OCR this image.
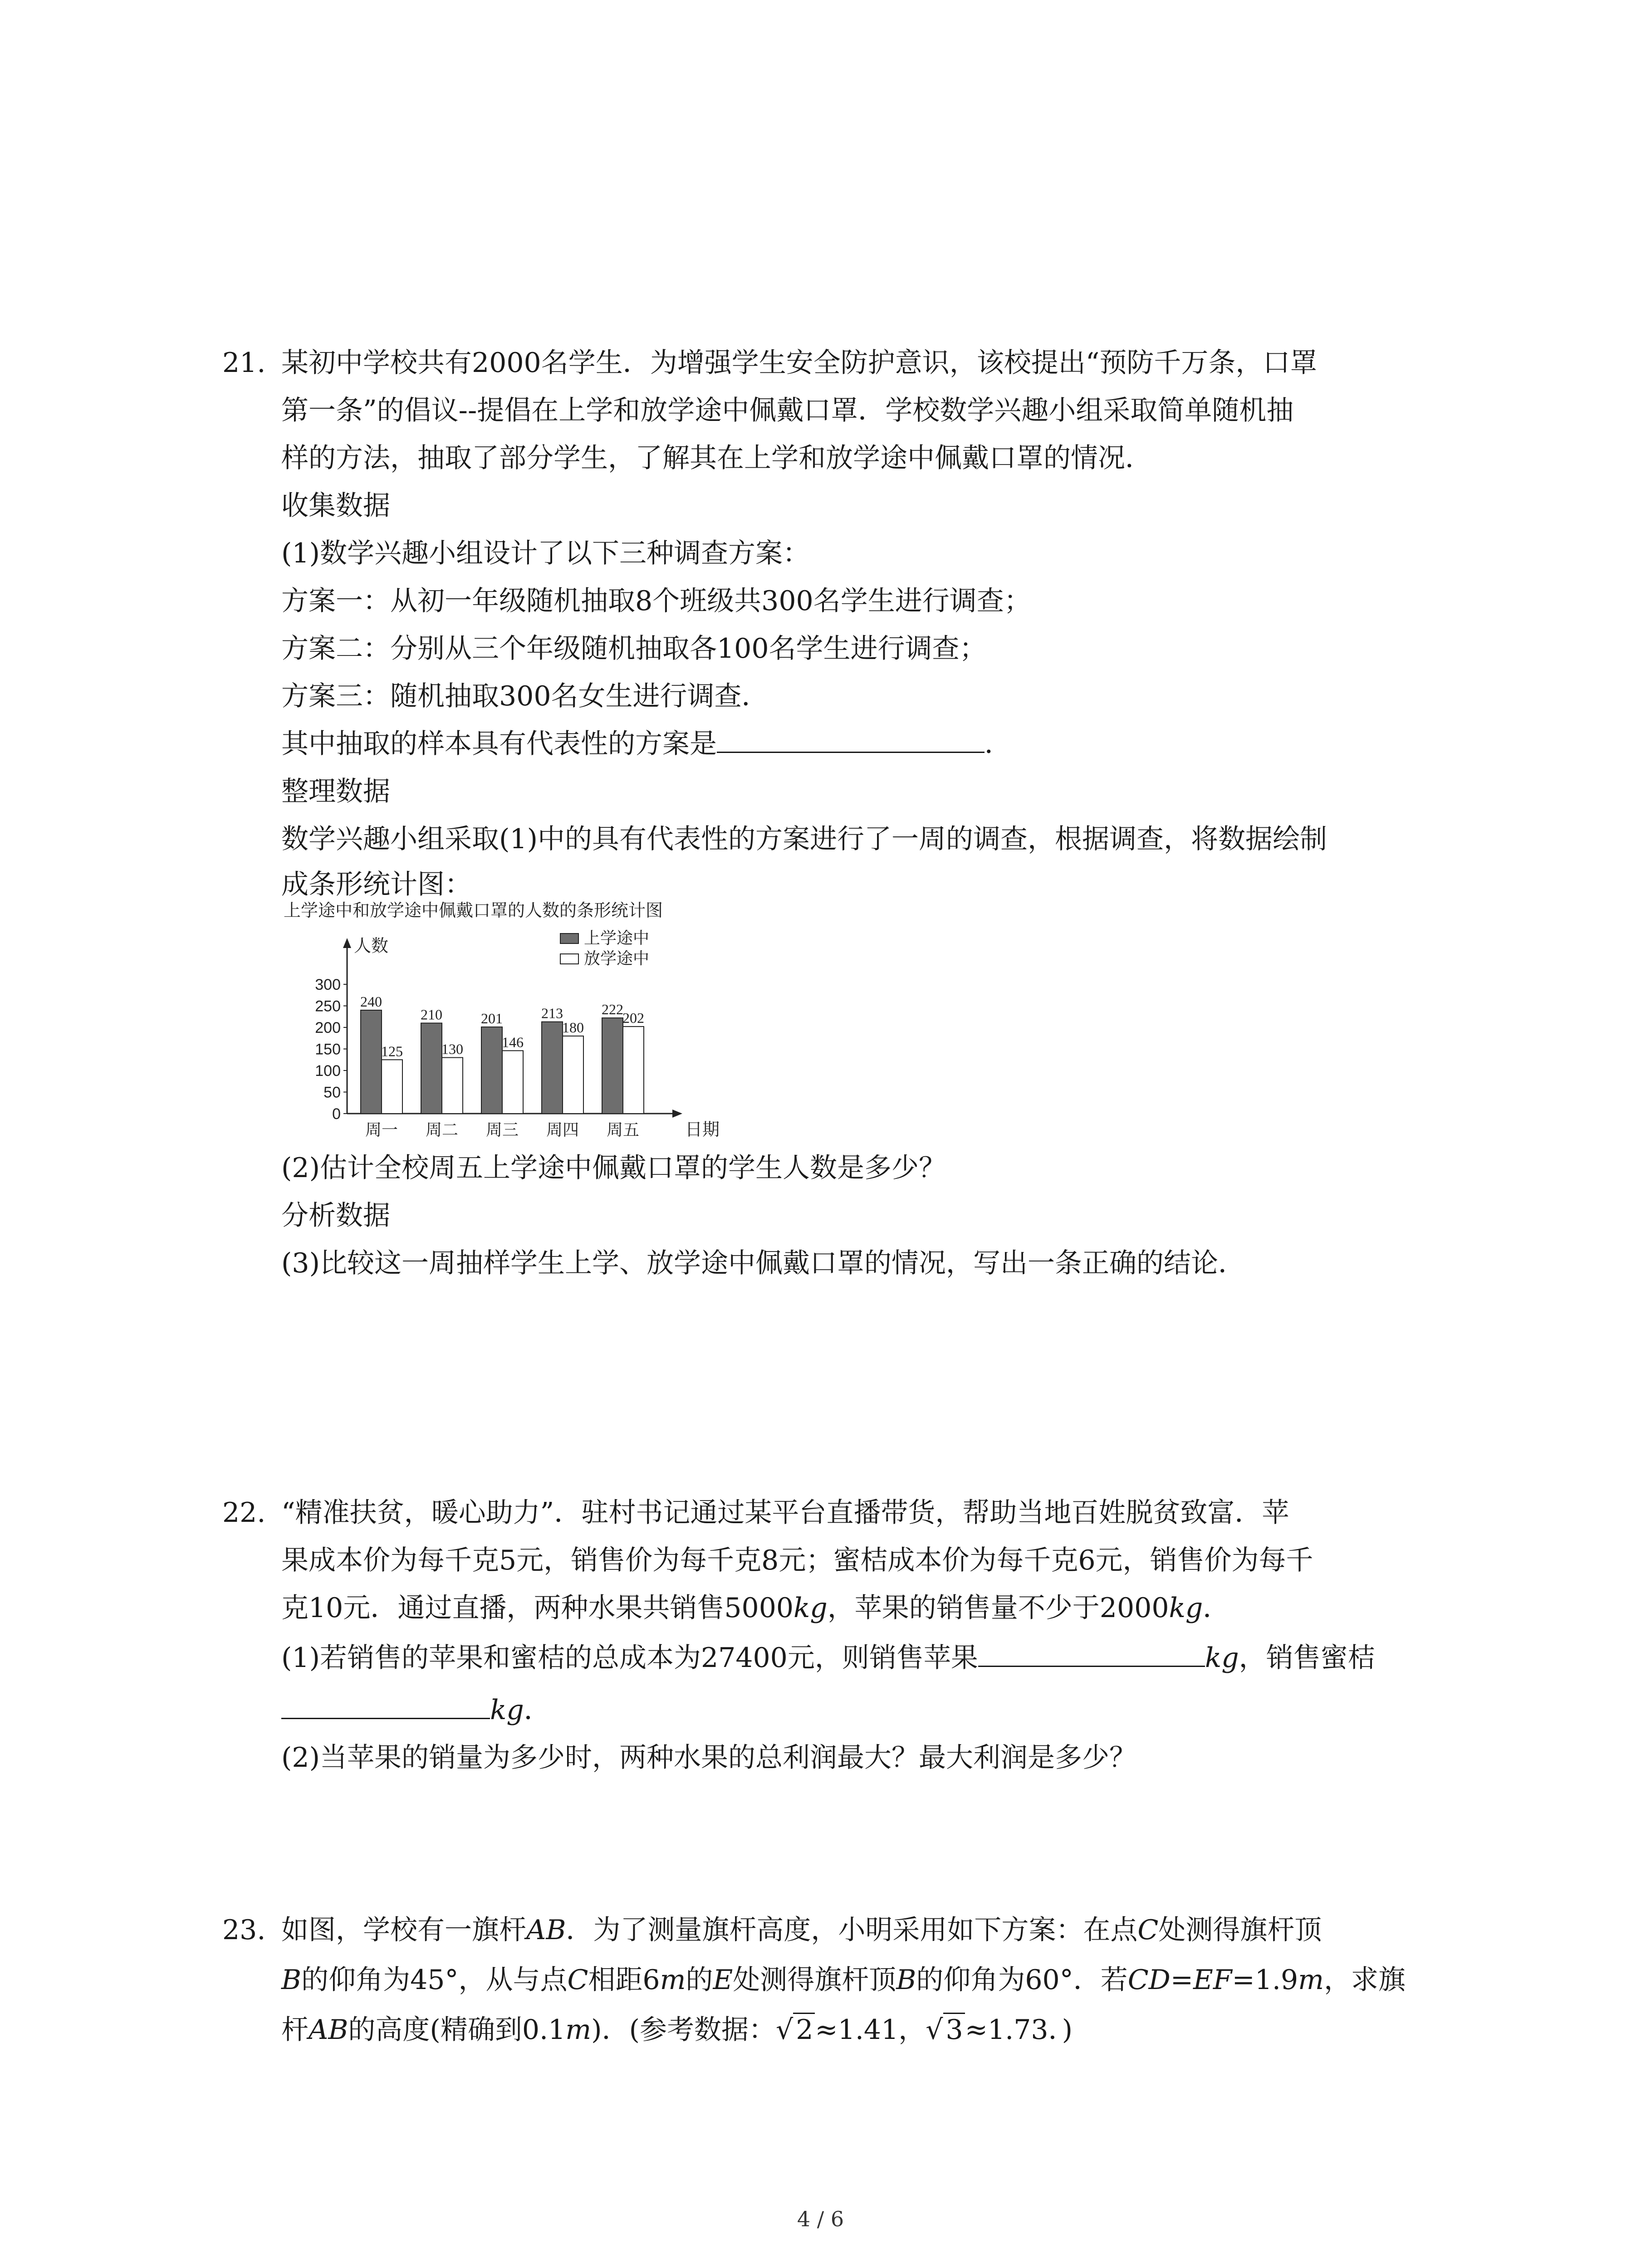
21. 某初中学校共有2000名学生．为增强学生安全防护意识，该校提出“预防千万条，口罩
第一条”的倡议--提倡在上学和放学途中佩戴口罩．学校数学兴趣小组采取简单随机抽
样的方法，抽取了部分学生，了解其在上学和放学途中佩戴口罩的情况．
收集数据
(1)数学兴趣小组设计了以下三种调查方案：
方案一：从初一年级随机抽取8个班级共300名学生进行调查；
方案二：分别从三个年级随机抽取各100名学生进行调查；
方案三：随机抽取300名女生进行调查．
其中抽取的样本具有代表性的方案是	．
整理数据
数学兴趣小组采取(1)中的具有代表性的方案进行了一周的调查，根据调查，将数据绘制
成条形统计图：
上学途中和放学途中佩戴口罩的人数的条形统计图
人数
日期
0
50
100
150
200
250
300
240
125
周一
210
130
周二
201
146
周三
213
180
周四
222
202
周五
上学途中
放学途中
(2)估计全校周五上学途中佩戴口罩的学生人数是多少？
分析数据
(3)比较这一周抽样学生上学、放学途中佩戴口罩的情况，写出一条正确的结论．
22. “精准扶贫，暖心助力”．驻村书记通过某平台直播带货，帮助当地百姓脱贫致富．苹
果成本价为每千克5元，销售价为每千克8元；蜜桔成本价为每千克6元，销售价为每千
克10元．通过直播，两种水果共销售5000kg，苹果的销售量不少于2000kg．
(1)若销售的苹果和蜜桔的总成本为27400元，则销售苹果	kg，销售蜜桔
kg．
(2)当苹果的销量为多少时，两种水果的总利润最大？最大利润是多少？
23. 如图，学校有一旗杆AB．为了测量旗杆高度，小明采用如下方案：在点C处测得旗杆顶
B的仰角为45°，从与点C相距6m的E处测得旗杆顶B的仰角为60°．若CD=EF=1.9m，求旗
杆AB的高度(精确到0.1m)．(参考数据：√ 2≈1.41，√ 3≈1.73．)
4 / 6
